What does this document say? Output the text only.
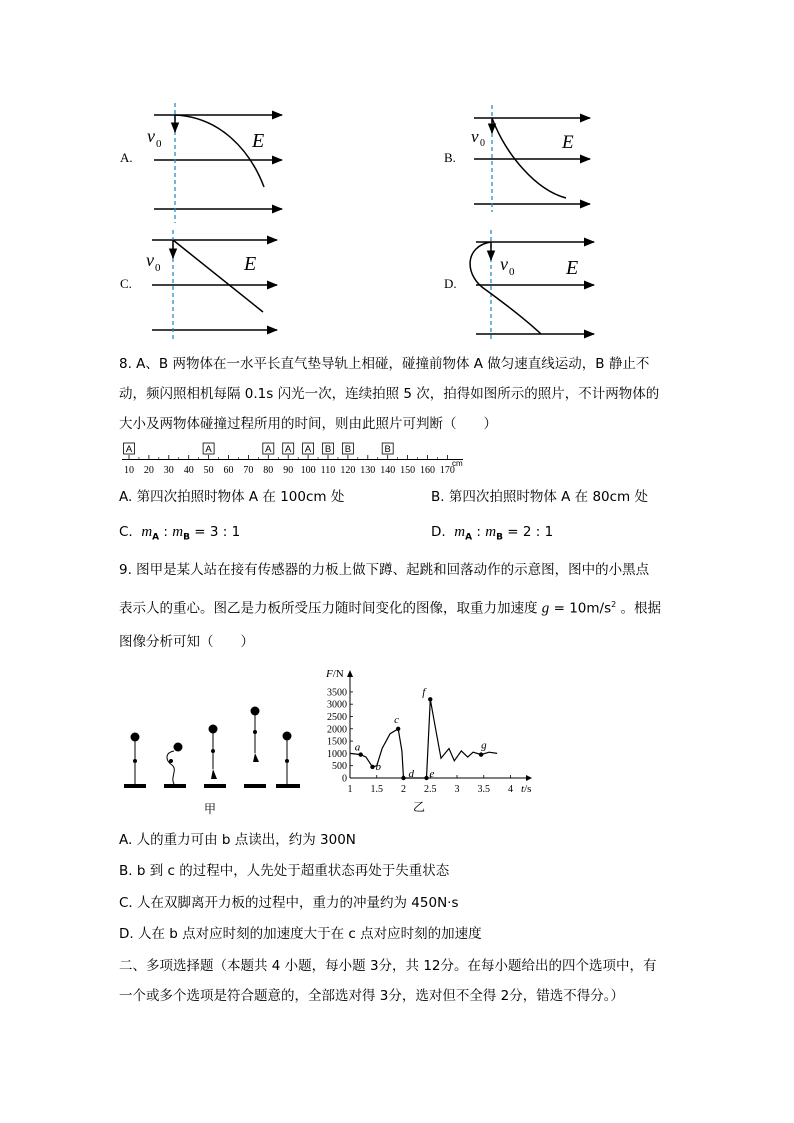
A.
v 0	E
B.
v 0	E
C.
v 0	E
D.
v 0	E
8. A、B 两物体在一水平长直气垫导轨上相碰，碰撞前物体 A 做匀速直线运动，B 静止不
动，频闪照相机每隔 0.1s 闪光一次，连续拍照 5 次，拍得如图所示的照片，不计两物体的
大小及两物体碰撞过程所用的时间，则由此照片可判断（　　）
A	A	A A A B B	B
10 20 30 40 50 60 70 80 90 100 110 120 130 140 150 160 170
cm
A. 第四次拍照时物体 A 在 100cm 处	B. 第四次拍照时物体 A 在 80cm 处
C. $m_A$ : $m_B = 3$ : 1	D. $m_A$ : $m_B = 2$ : 1
9. 图甲是某人站在接有传感器的力板上做下蹲、起跳和回落动作的示意图，图中的小黑点
表示人的重心。图乙是力板所受压力随时间变化的图像，取重力加速度 $g = 10m/s^2$ 。根据
图像分析可知（　　）
甲
F/N
t/s
0
500
1000
1500
2000
2500
3000
3500
1 1.5 2 2.5 3 3.5 4
a
b
c
d e
f
g
乙
A. 人的重力可由 b 点读出，约为 300N
B. b 到 c 的过程中，人先处于超重状态再处于失重状态
C. 人在双脚离开力板的过程中，重力的冲量约为 450N·s
D. 人在 b 点对应时刻的加速度大于在 c 点对应时刻的加速度
二、多项选择题（本题共 4 小题，每小题 3分，共 12分。在每小题给出的四个选项中，有
一个或多个选项是符合题意的，全部选对得 3分，选对但不全得 2分，错选不得分。）
